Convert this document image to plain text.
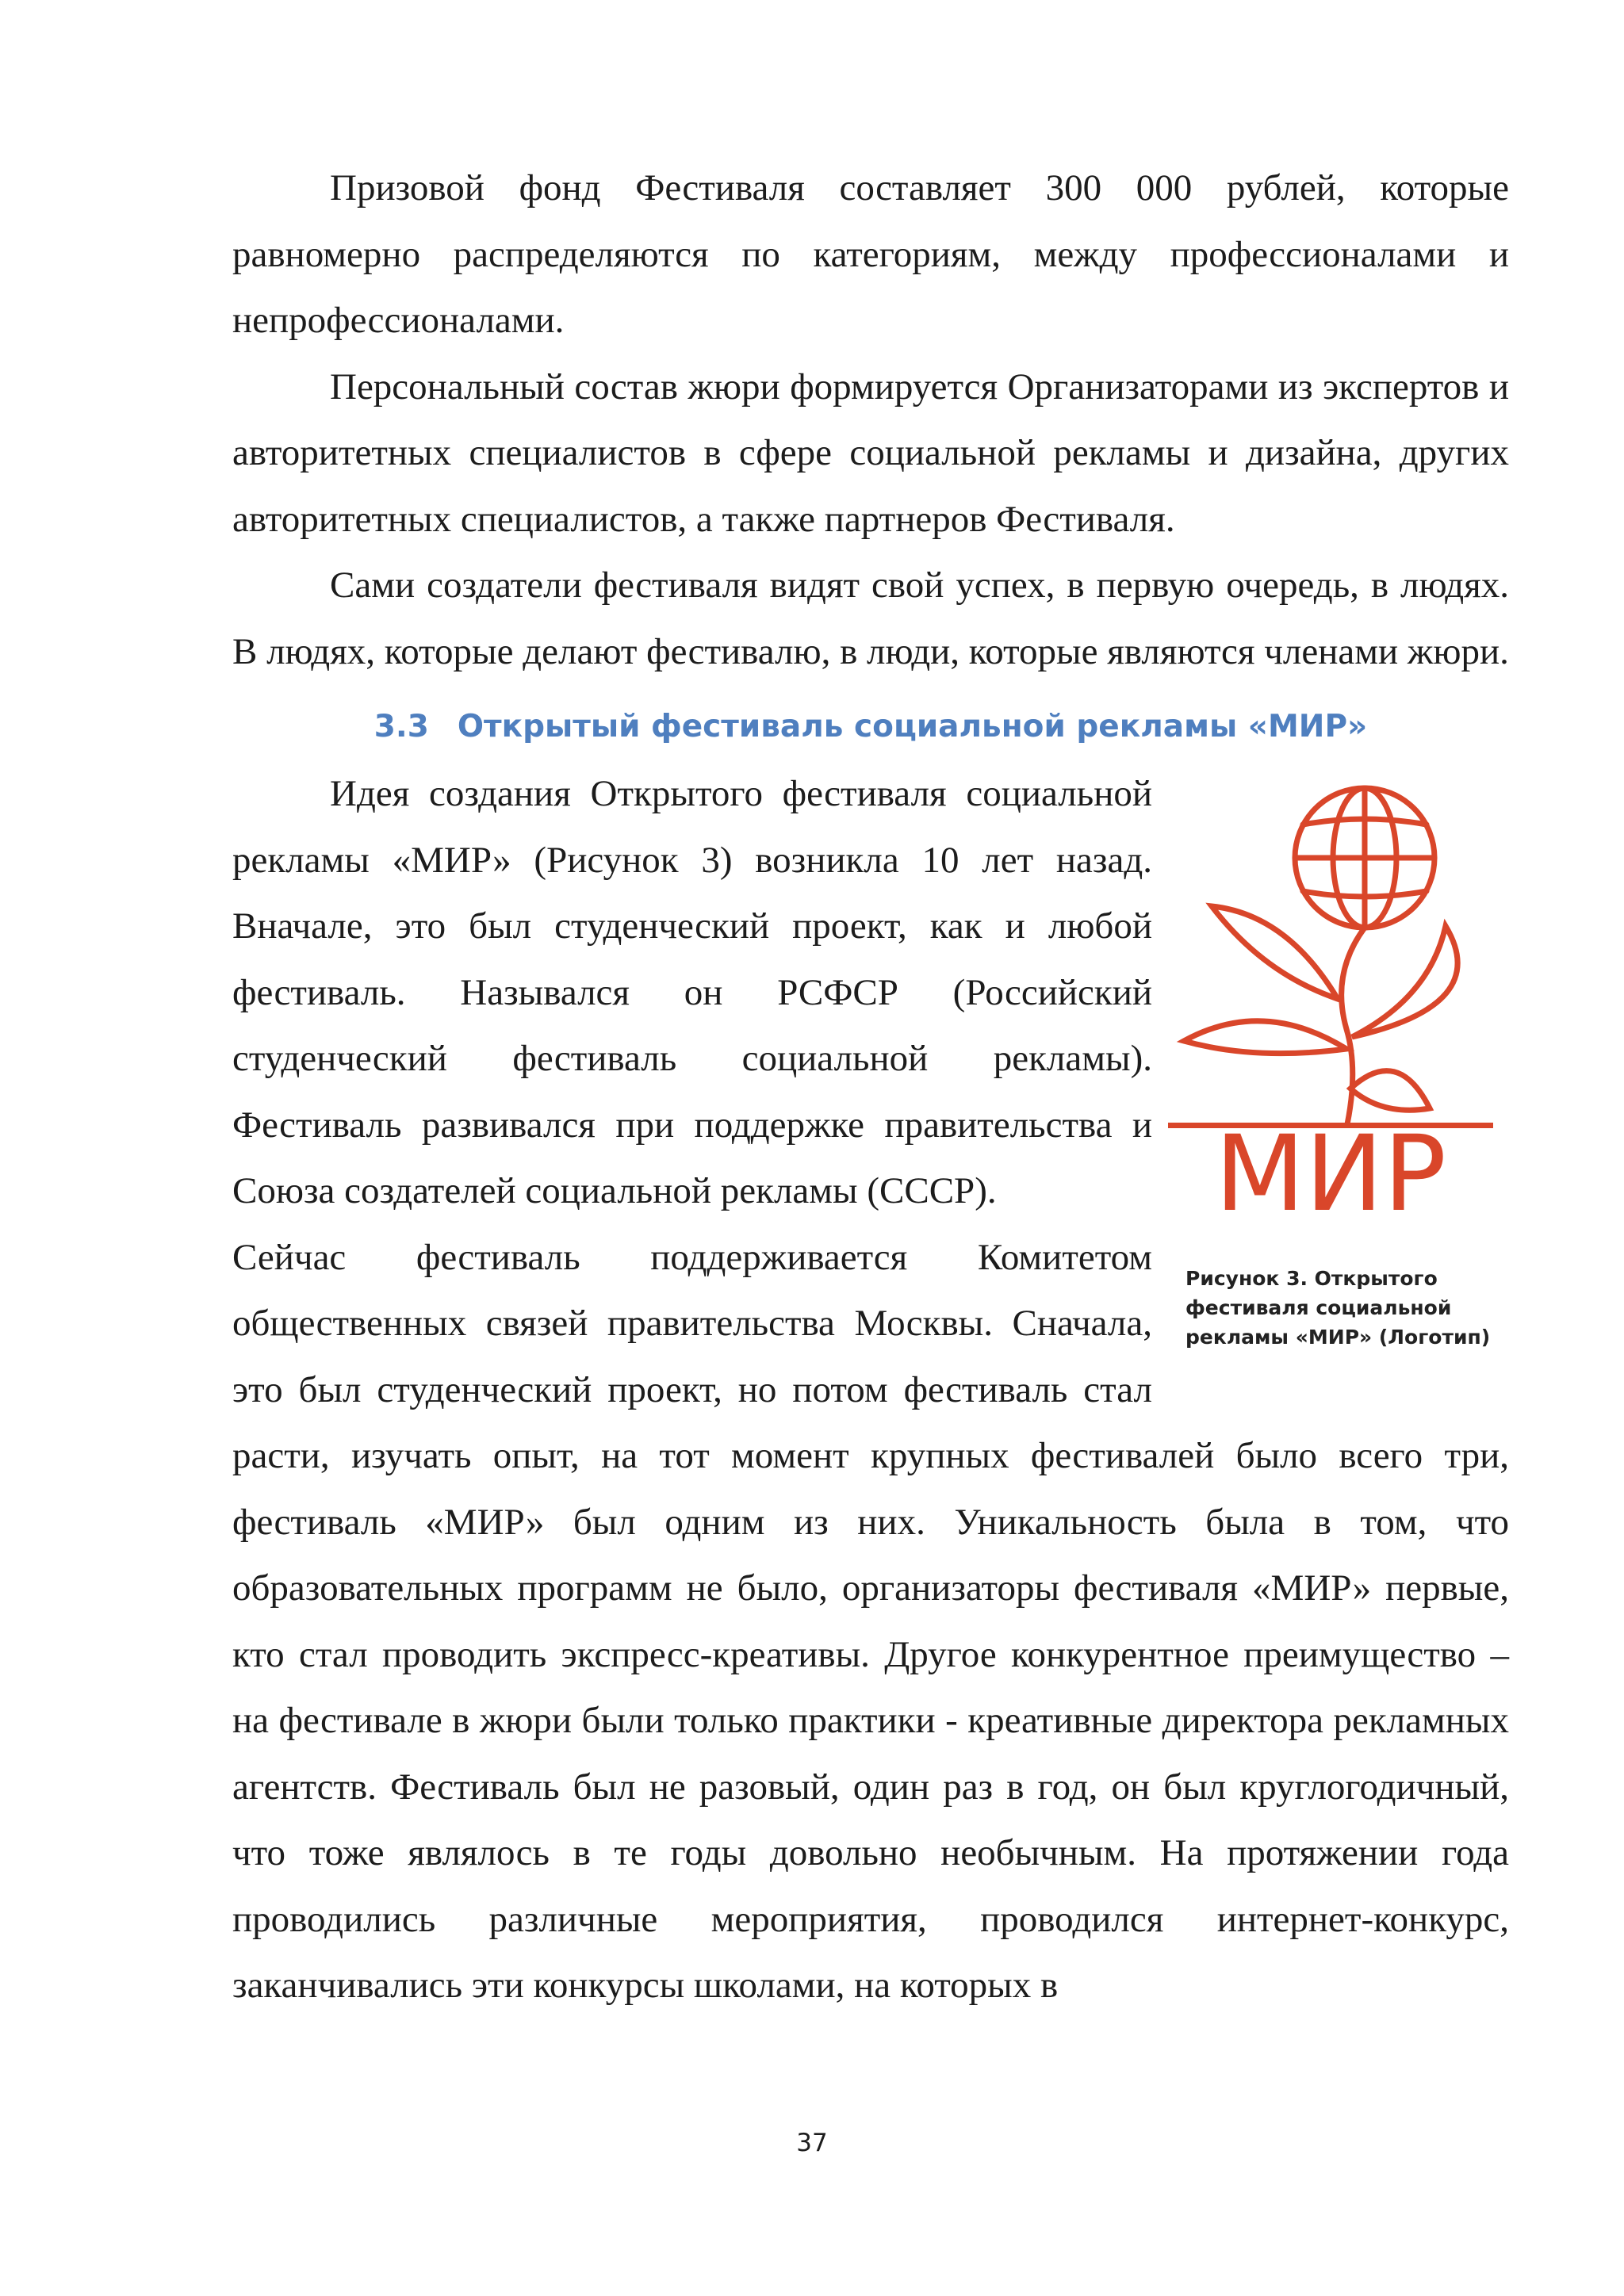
Призовой фонд Фестиваля составляет 300 000 рублей, которые равномерно распределяются по категориям, между профессионалами и непрофессионалами.

Персональный состав жюри формируется Организаторами из экспертов и авторитетных специалистов в сфере социальной рекламы и дизайна, других авторитетных специалистов, а также партнеров Фестиваля.

Сами создатели фестиваля видят свой успех, в первую очередь, в людях. В людях, которые делают фестивалю, в люди, которые являются членами жюри.

3.3 Открытый фестиваль социальной рекламы «МИР»
МИР
Рисунок 3. Открытого фестиваля социальной рекламы «МИР» (Логотип)

Идея создания Открытого фестиваля социальной рекламы «МИР» (Рисунок 3) возникла 10 лет назад. Вначале, это был студенческий проект, как и любой фестиваль. Назывался он РСФСР (Российский студенческий фестиваль социальной рекламы). Фестиваль развивался при поддержке правительства и Союза создателей социальной рекламы (СССР).

Сейчас фестиваль поддерживается Комитетом общественных связей правительства Москвы. Сначала, это был студенческий проект, но потом фестиваль стал расти, изучать опыт, на тот момент крупных фестивалей было всего три, фестиваль «МИР» был одним из них. Уникальность была в том, что образовательных программ не было, организаторы фестиваля «МИР» первые, кто стал проводить экспресс-креативы. Другое конкурентное преимущество – на фестивале в жюри были только практики - креативные директора рекламных агентств. Фестиваль был не разовый, один раз в год, он был круглогодичный, что тоже являлось в те годы довольно необычным. На протяжении года проводились различные мероприятия, проводился интернет-конкурс, заканчивались эти конкурсы школами, на которых в

37
